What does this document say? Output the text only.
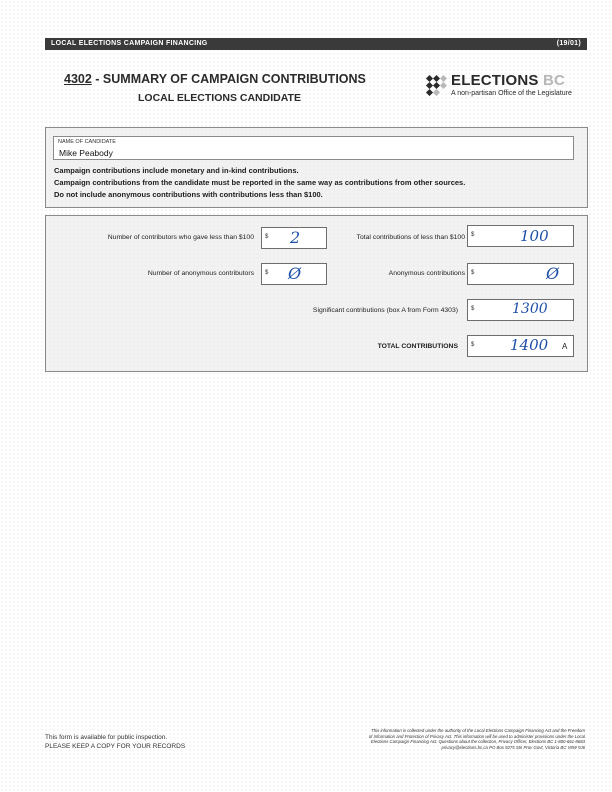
LOCAL ELECTIONS CAMPAIGN FINANCING	(19/01)
4302 - SUMMARY OF CAMPAIGN CONTRIBUTIONS
LOCAL ELECTIONS CANDIDATE
ELECTIONS BC
A non-partisan Office of the Legislature
NAME OF CANDIDATE
Mike Peabody
Campaign contributions include monetary and in-kind contributions.
Campaign contributions from the candidate must be reported in the same way as contributions from other sources.
Do not include anonymous contributions with contributions less than $100.
Number of contributors who gave less than $100 $ 2	Total contributions of less than $100 $	100
Number of anonymous contributors $ Ø	Anonymous contributions $	Ø
Significant contributions (box A from Form 4303) $	1300
TOTAL CONTRIBUTIONS $ 1400 A
This form is available for public inspection.
PLEASE KEEP A COPY FOR YOUR RECORDS
This information is collected under the authority of the Local Elections Campaign Financing Act and the Freedom
of Information and Protection of Privacy Act. This information will be used to administer provisions under the Local
Elections Campaign Financing Act. Questions about the collection, Privacy Officer, Elections BC 1-800-661-8683
privacy@elections.bc.ca PO Box 9275 Stn Prov Govt, Victoria BC V8W 9J6
